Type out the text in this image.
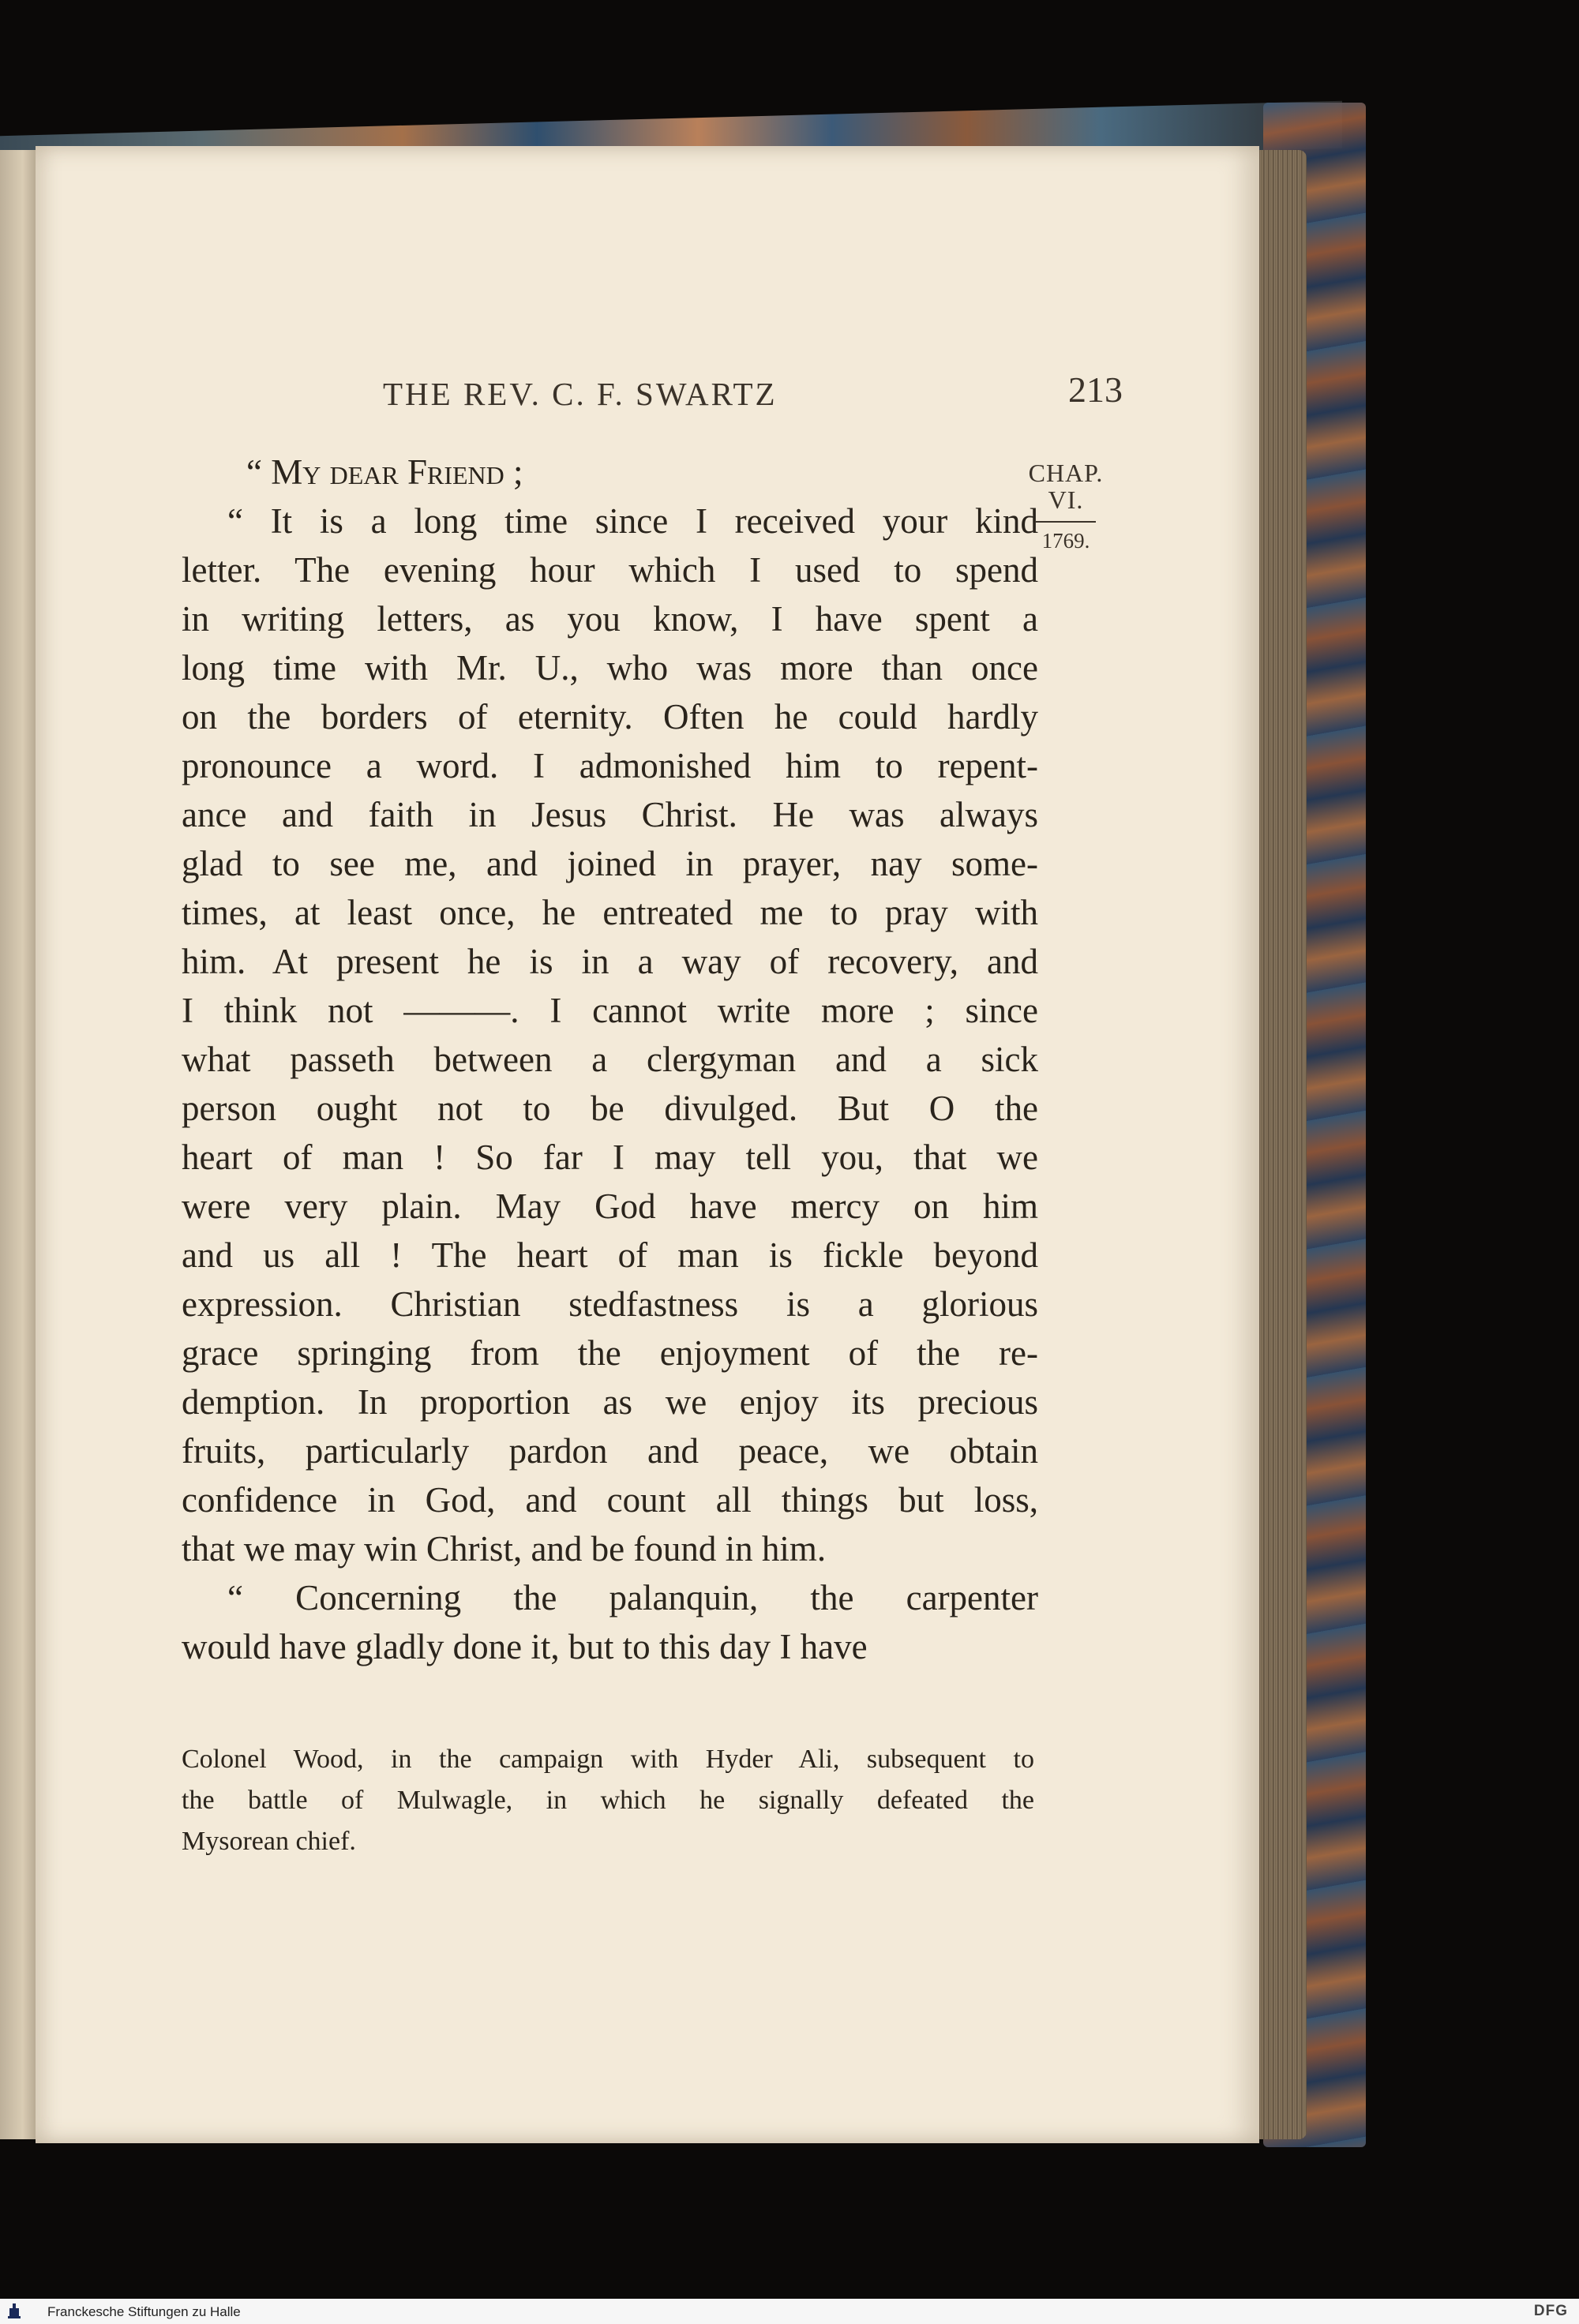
THE REV. C. F. SWARTZ	213
CHAP.
VI.
1769.

“ My dear Friend ;

“ It is a long time since I received your kind
letter. The evening hour which I used to spend
in writing letters, as you know, I have spent a
long time with Mr. U., who was more than once
on the borders of eternity. Often he could hardly
pronounce a word. I admonished him to repent-
ance and faith in Jesus Christ. He was always
glad to see me, and joined in prayer, nay some-
times, at least once, he entreated me to pray with
him. At present he is in a way of recovery, and
I think not ———. I cannot write more ; since
what passeth between a clergyman and a sick
person ought not to be divulged. But O the
heart of man ! So far I may tell you, that we
were very plain. May God have mercy on him
and us all ! The heart of man is fickle beyond
expression. Christian stedfastness is a glorious
grace springing from the enjoyment of the re-
demption. In proportion as we enjoy its precious
fruits, particularly pardon and peace, we obtain
confidence in God, and count all things but loss,
that we may win Christ, and be found in him.
“ Concerning the palanquin, the carpenter
would have gladly done it, but to this day I have
Colonel Wood, in the campaign with Hyder Ali, subsequent to
the battle of Mulwagle, in which he signally defeated the
Mysorean chief.
Franckesche Stiftungen zu Halle	DFG
